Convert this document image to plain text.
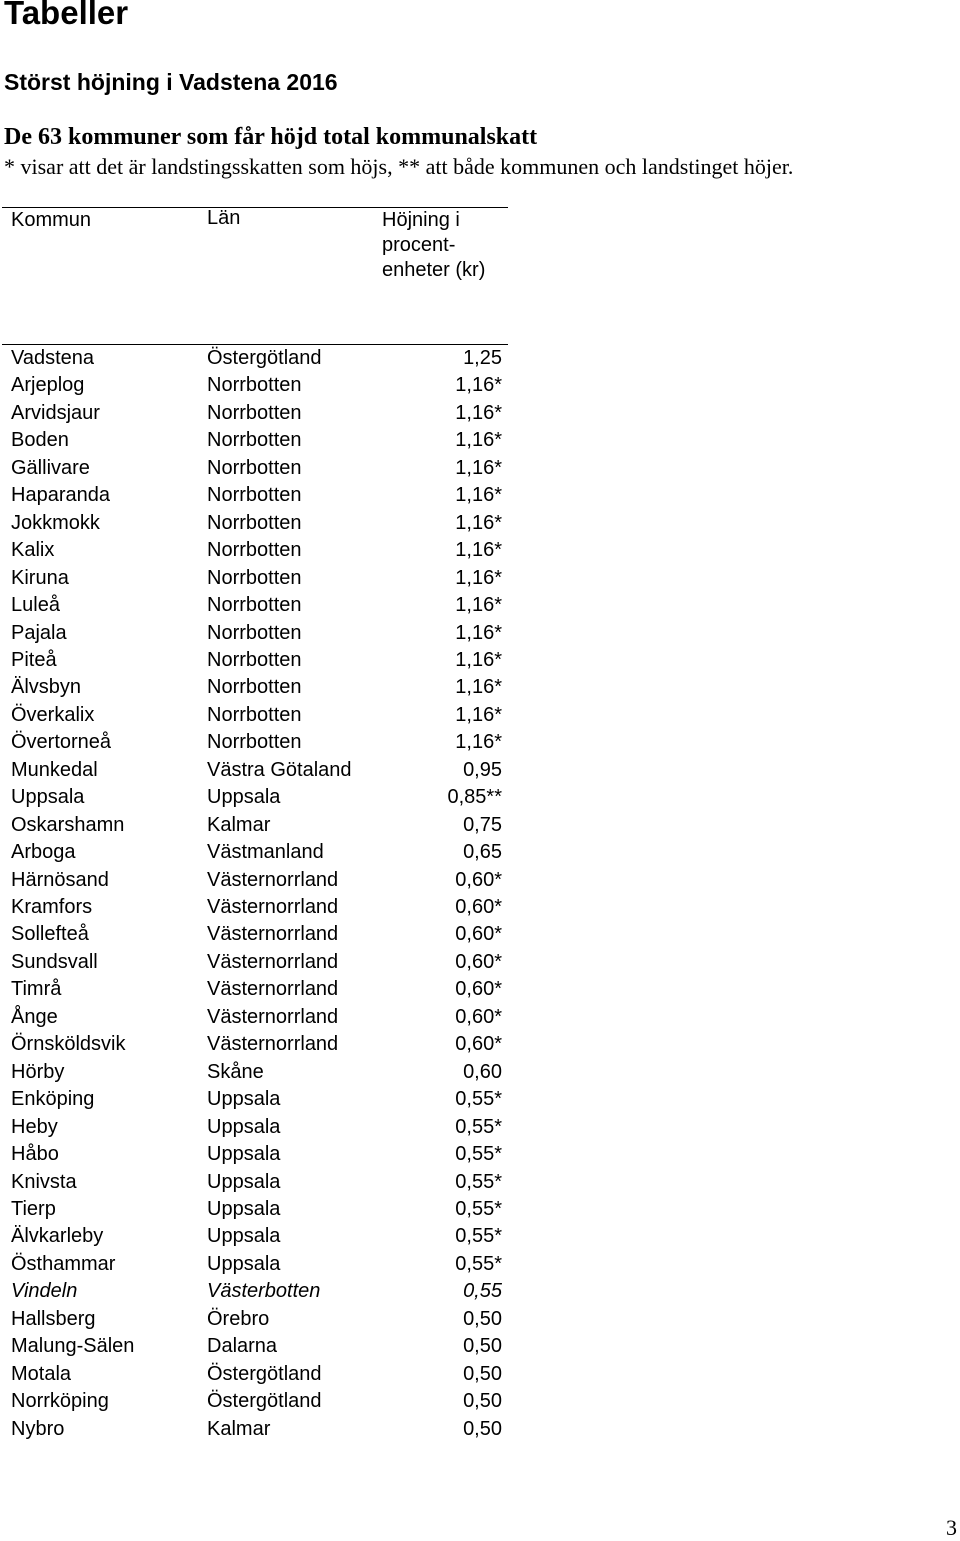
Tabeller
Störst höjning i Vadstena 2016
De 63 kommuner som får höjd total kommunalskatt
* visar att det är landstingsskatten som höjs, ** att både kommunen och landstinget höjer.
Kommun	Län	Höjning i
procent-
enheter (kr)
Vadstena	Östergötland	1,25
Arjeplog	Norrbotten	1,16*
Arvidsjaur	Norrbotten	1,16*
Boden	Norrbotten	1,16*
Gällivare	Norrbotten	1,16*
Haparanda	Norrbotten	1,16*
Jokkmokk	Norrbotten	1,16*
Kalix	Norrbotten	1,16*
Kiruna	Norrbotten	1,16*
Luleå	Norrbotten	1,16*
Pajala	Norrbotten	1,16*
Piteå	Norrbotten	1,16*
Älvsbyn	Norrbotten	1,16*
Överkalix	Norrbotten	1,16*
Övertorneå	Norrbotten	1,16*
Munkedal	Västra Götaland	0,95
Uppsala	Uppsala	0,85**
Oskarshamn	Kalmar	0,75
Arboga	Västmanland	0,65
Härnösand	Västernorrland	0,60*
Kramfors	Västernorrland	0,60*
Sollefteå	Västernorrland	0,60*
Sundsvall	Västernorrland	0,60*
Timrå	Västernorrland	0,60*
Ånge	Västernorrland	0,60*
Örnsköldsvik	Västernorrland	0,60*
Hörby	Skåne	0,60
Enköping	Uppsala	0,55*
Heby	Uppsala	0,55*
Håbo	Uppsala	0,55*
Knivsta	Uppsala	0,55*
Tierp	Uppsala	0,55*
Älvkarleby	Uppsala	0,55*
Östhammar	Uppsala	0,55*
Vindeln	Västerbotten	0,55
Hallsberg	Örebro	0,50
Malung-Sälen	Dalarna	0,50
Motala	Östergötland	0,50
Norrköping	Östergötland	0,50
Nybro	Kalmar	0,50
3
